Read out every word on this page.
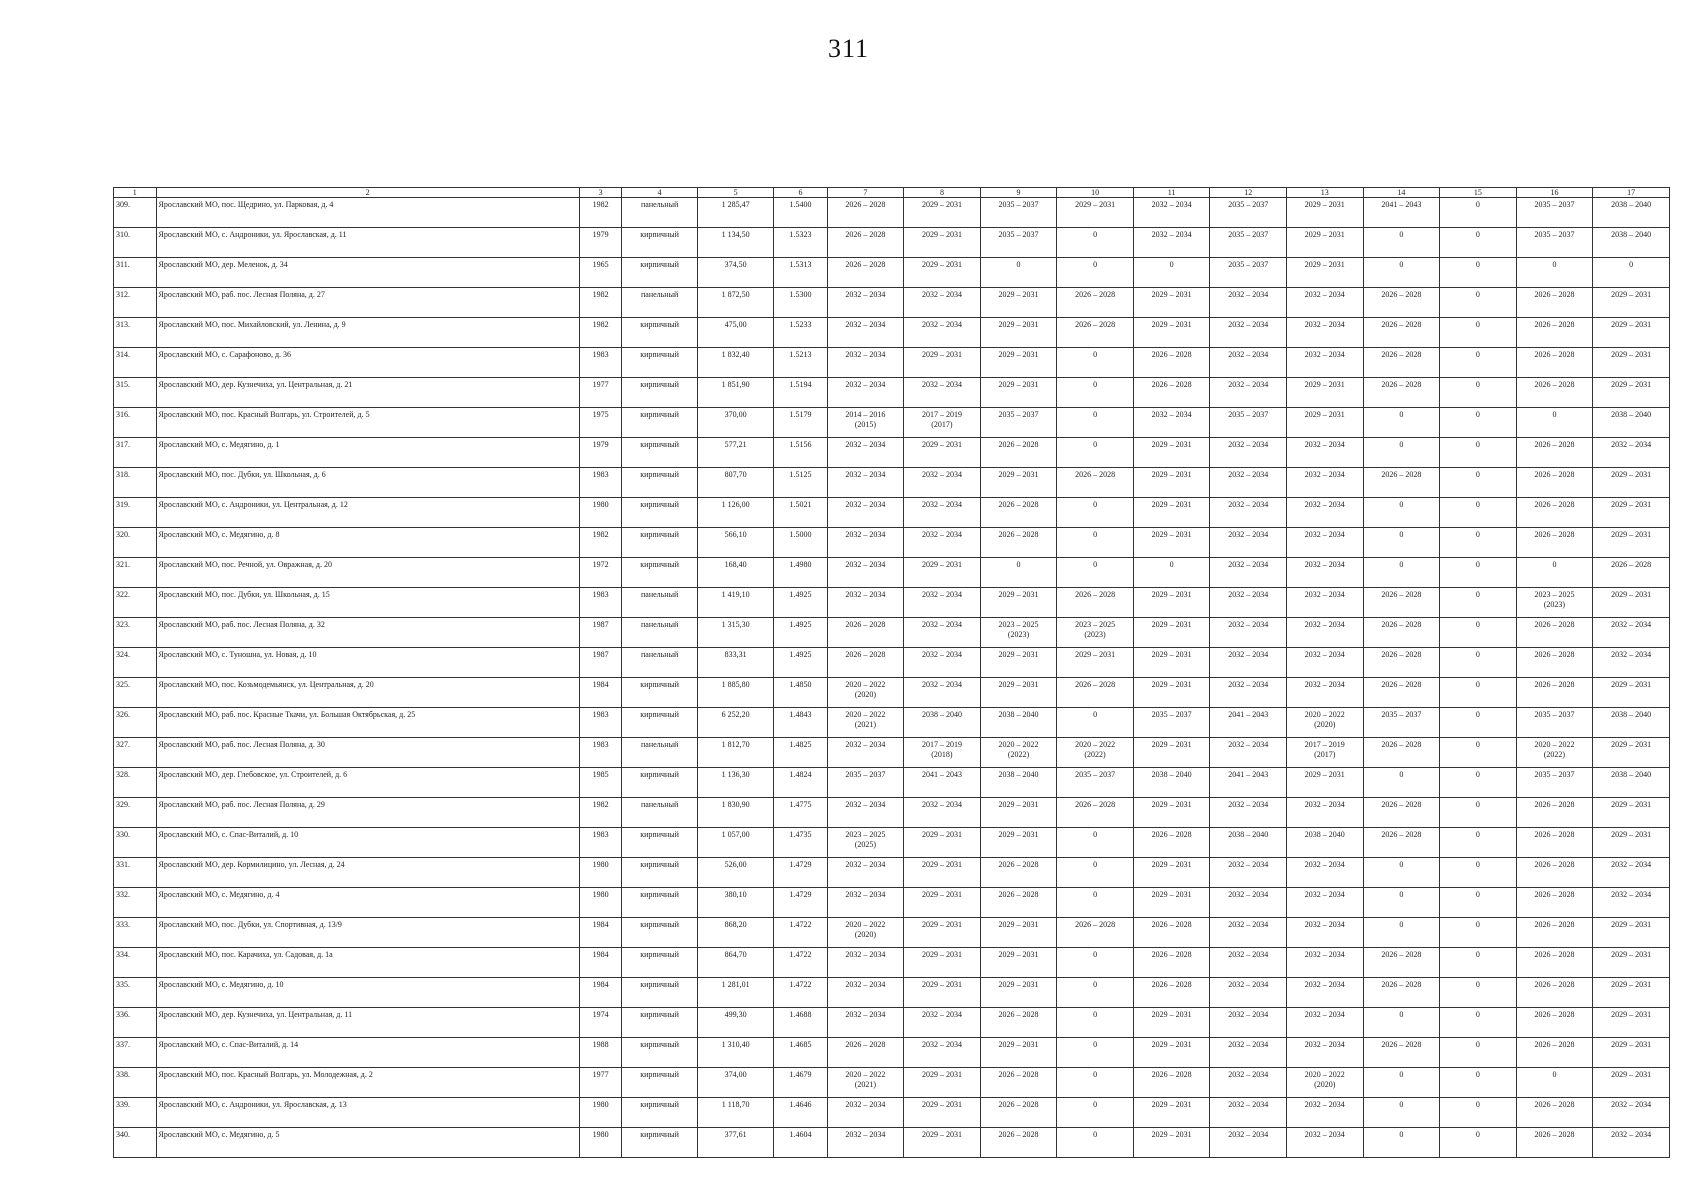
311
1	2	3	4	5	6	7	8	9	10	11	12	13	14	15	16	17
309.	Ярославский МО, пос. Щедрино, ул. Парковая, д. 4	1982	панельный	1 285,47	1.5400	2026 – 2028	2029 – 2031	2035 – 2037	2029 – 2031	2032 – 2034	2035 – 2037	2029 – 2031	2041 – 2043	0	2035 – 2037	2038 – 2040
310.	Ярославский МО, с. Андроники, ул. Ярославская, д. 11	1979	кирпичный	1 134,50	1.5323	2026 – 2028	2029 – 2031	2035 – 2037	0	2032 – 2034	2035 – 2037	2029 – 2031	0	0	2035 – 2037	2038 – 2040
311.	Ярославский МО, дер. Меленок, д. 34	1965	кирпичный	374,50	1.5313	2026 – 2028	2029 – 2031	0	0	0	2035 – 2037	2029 – 2031	0	0	0	0
312.	Ярославский МО, раб. пос. Лесная Поляна, д. 27	1982	панельный	1 872,50	1.5300	2032 – 2034	2032 – 2034	2029 – 2031	2026 – 2028	2029 – 2031	2032 – 2034	2032 – 2034	2026 – 2028	0	2026 – 2028	2029 – 2031
313.	Ярославский МО, пос. Михайловский, ул. Ленина, д. 9	1982	кирпичный	475,00	1.5233	2032 – 2034	2032 – 2034	2029 – 2031	2026 – 2028	2029 – 2031	2032 – 2034	2032 – 2034	2026 – 2028	0	2026 – 2028	2029 – 2031
314.	Ярославский МО, с. Сарафоново, д. 36	1983	кирпичный	1 832,40	1.5213	2032 – 2034	2029 – 2031	2029 – 2031	0	2026 – 2028	2032 – 2034	2032 – 2034	2026 – 2028	0	2026 – 2028	2029 – 2031
315.	Ярославский МО, дер. Кузнечиха, ул. Центральная, д. 21	1977	кирпичный	1 851,90	1.5194	2032 – 2034	2032 – 2034	2029 – 2031	0	2026 – 2028	2032 – 2034	2029 – 2031	2026 – 2028	0	2026 – 2028	2029 – 2031
316.	Ярославский МО, пос. Красный Волгарь, ул. Строителей, д. 5	1975	кирпичный	370,00	1.5179	2014 – 2016
(2015)	2017 – 2019
(2017)	2035 – 2037	0	2032 – 2034	2035 – 2037	2029 – 2031	0	0	0	2038 – 2040
317.	Ярославский МО, с. Медягино, д. 1	1979	кирпичный	577,21	1.5156	2032 – 2034	2029 – 2031	2026 – 2028	0	2029 – 2031	2032 – 2034	2032 – 2034	0	0	2026 – 2028	2032 – 2034
318.	Ярославский МО, пос. Дубки, ул. Школьная, д. 6	1983	кирпичный	807,70	1.5125	2032 – 2034	2032 – 2034	2029 – 2031	2026 – 2028	2029 – 2031	2032 – 2034	2032 – 2034	2026 – 2028	0	2026 – 2028	2029 – 2031
319.	Ярославский МО, с. Андроники, ул. Центральная, д. 12	1980	кирпичный	1 126,00	1.5021	2032 – 2034	2032 – 2034	2026 – 2028	0	2029 – 2031	2032 – 2034	2032 – 2034	0	0	2026 – 2028	2029 – 2031
320.	Ярославский МО, с. Медягино, д. 8	1982	кирпичный	566,10	1.5000	2032 – 2034	2032 – 2034	2026 – 2028	0	2029 – 2031	2032 – 2034	2032 – 2034	0	0	2026 – 2028	2029 – 2031
321.	Ярославский МО, пос. Речной, ул. Овражная, д. 20	1972	кирпичный	168,40	1.4980	2032 – 2034	2029 – 2031	0	0	0	2032 – 2034	2032 – 2034	0	0	0	2026 – 2028
322.	Ярославский МО, пос. Дубки, ул. Школьная, д. 15	1983	панельный	1 419,10	1.4925	2032 – 2034	2032 – 2034	2029 – 2031	2026 – 2028	2029 – 2031	2032 – 2034	2032 – 2034	2026 – 2028	0	2023 – 2025
(2023)	2029 – 2031
323.	Ярославский МО, раб. пос. Лесная Поляна, д. 32	1987	панельный	1 315,30	1.4925	2026 – 2028	2032 – 2034	2023 – 2025
(2023)	2023 – 2025
(2023)	2029 – 2031	2032 – 2034	2032 – 2034	2026 – 2028	0	2026 – 2028	2032 – 2034
324.	Ярославский МО, с. Туношна, ул. Новая, д. 10	1987	панельный	833,31	1.4925	2026 – 2028	2032 – 2034	2029 – 2031	2029 – 2031	2029 – 2031	2032 – 2034	2032 – 2034	2026 – 2028	0	2026 – 2028	2032 – 2034
325.	Ярославский МО, пос. Козьмодемьянск, ул. Центральная, д. 20	1984	кирпичный	1 885,80	1.4850	2020 – 2022
(2020)	2032 – 2034	2029 – 2031	2026 – 2028	2029 – 2031	2032 – 2034	2032 – 2034	2026 – 2028	0	2026 – 2028	2029 – 2031
326.	Ярославский МО, раб. пос. Красные Ткачи, ул. Большая Октябрьская, д. 25	1983	кирпичный	6 252,20	1.4843	2020 – 2022
(2021)	2038 – 2040	2038 – 2040	0	2035 – 2037	2041 – 2043	2020 – 2022
(2020)	2035 – 2037	0	2035 – 2037	2038 – 2040
327.	Ярославский МО, раб. пос. Лесная Поляна, д. 30	1983	панельный	1 812,70	1.4825	2032 – 2034	2017 – 2019
(2018)	2020 – 2022
(2022)	2020 – 2022
(2022)	2029 – 2031	2032 – 2034	2017 – 2019
(2017)	2026 – 2028	0	2020 – 2022
(2022)	2029 – 2031
328.	Ярославский МО, дер. Глебовское, ул. Строителей, д. 6	1985	кирпичный	1 136,30	1.4824	2035 – 2037	2041 – 2043	2038 – 2040	2035 – 2037	2038 – 2040	2041 – 2043	2029 – 2031	0	0	2035 – 2037	2038 – 2040
329.	Ярославский МО, раб. пос. Лесная Поляна, д. 29	1982	панельный	1 830,90	1.4775	2032 – 2034	2032 – 2034	2029 – 2031	2026 – 2028	2029 – 2031	2032 – 2034	2032 – 2034	2026 – 2028	0	2026 – 2028	2029 – 2031
330.	Ярославский МО, с. Спас-Виталий, д. 10	1983	кирпичный	1 057,00	1.4735	2023 – 2025
(2025)	2029 – 2031	2029 – 2031	0	2026 – 2028	2038 – 2040	2038 – 2040	2026 – 2028	0	2026 – 2028	2029 – 2031
331.	Ярославский МО, дер. Кормилицино, ул. Лесная, д. 24	1980	кирпичный	526,00	1.4729	2032 – 2034	2029 – 2031	2026 – 2028	0	2029 – 2031	2032 – 2034	2032 – 2034	0	0	2026 – 2028	2032 – 2034
332.	Ярославский МО, с. Медягино, д. 4	1980	кирпичный	380,10	1.4729	2032 – 2034	2029 – 2031	2026 – 2028	0	2029 – 2031	2032 – 2034	2032 – 2034	0	0	2026 – 2028	2032 – 2034
333.	Ярославский МО, пос. Дубки, ул. Спортивная, д. 13/9	1984	кирпичный	868,20	1.4722	2020 – 2022
(2020)	2029 – 2031	2029 – 2031	2026 – 2028	2026 – 2028	2032 – 2034	2032 – 2034	0	0	2026 – 2028	2029 – 2031
334.	Ярославский МО, пос. Карачиха, ул. Садовая, д. 1а	1984	кирпичный	864,70	1.4722	2032 – 2034	2029 – 2031	2029 – 2031	0	2026 – 2028	2032 – 2034	2032 – 2034	2026 – 2028	0	2026 – 2028	2029 – 2031
335.	Ярославский МО, с. Медягино, д. 10	1984	кирпичный	1 281,01	1.4722	2032 – 2034	2029 – 2031	2029 – 2031	0	2026 – 2028	2032 – 2034	2032 – 2034	2026 – 2028	0	2026 – 2028	2029 – 2031
336.	Ярославский МО, дер. Кузнечиха, ул. Центральная, д. 11	1974	кирпичный	499,30	1.4688	2032 – 2034	2032 – 2034	2026 – 2028	0	2029 – 2031	2032 – 2034	2032 – 2034	0	0	2026 – 2028	2029 – 2031
337.	Ярославский МО, с. Спас-Виталий, д. 14	1988	кирпичный	1 310,40	1.4685	2026 – 2028	2032 – 2034	2029 – 2031	0	2029 – 2031	2032 – 2034	2032 – 2034	2026 – 2028	0	2026 – 2028	2029 – 2031
338.	Ярославский МО, пос. Красный Волгарь, ул. Молодежная, д. 2	1977	кирпичный	374,00	1.4679	2020 – 2022
(2021)	2029 – 2031	2026 – 2028	0	2026 – 2028	2032 – 2034	2020 – 2022
(2020)	0	0	0	2029 – 2031
339.	Ярославский МО, с. Андроники, ул. Ярославская, д. 13	1980	кирпичный	1 118,70	1.4646	2032 – 2034	2029 – 2031	2026 – 2028	0	2029 – 2031	2032 – 2034	2032 – 2034	0	0	2026 – 2028	2032 – 2034
340.	Ярославский МО, с. Медягино, д. 5	1980	кирпичный	377,61	1.4604	2032 – 2034	2029 – 2031	2026 – 2028	0	2029 – 2031	2032 – 2034	2032 – 2034	0	0	2026 – 2028	2032 – 2034
